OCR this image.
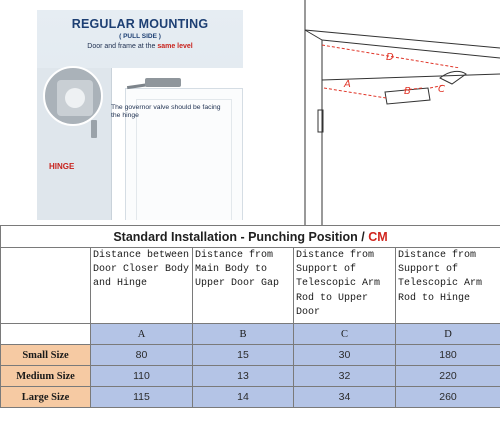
REGULAR MOUNTING
( PULL SIDE )
Door and frame at the same level
The governor valve should be facing the hinge
HINGE
D
A
B	C
Standard Installation - Punching Position / CM				
	Distance between Door Closer Body and Hinge	Distance from Main Body to Upper Door Gap	Distance from Support of Telescopic Arm Rod to Upper Door	Distance from Support of Telescopic Arm Rod to Hinge
	A	B	C	D
Small Size	80	15	30	180
Medium Size	110	13	32	220
Large Size	115	14	34	260
